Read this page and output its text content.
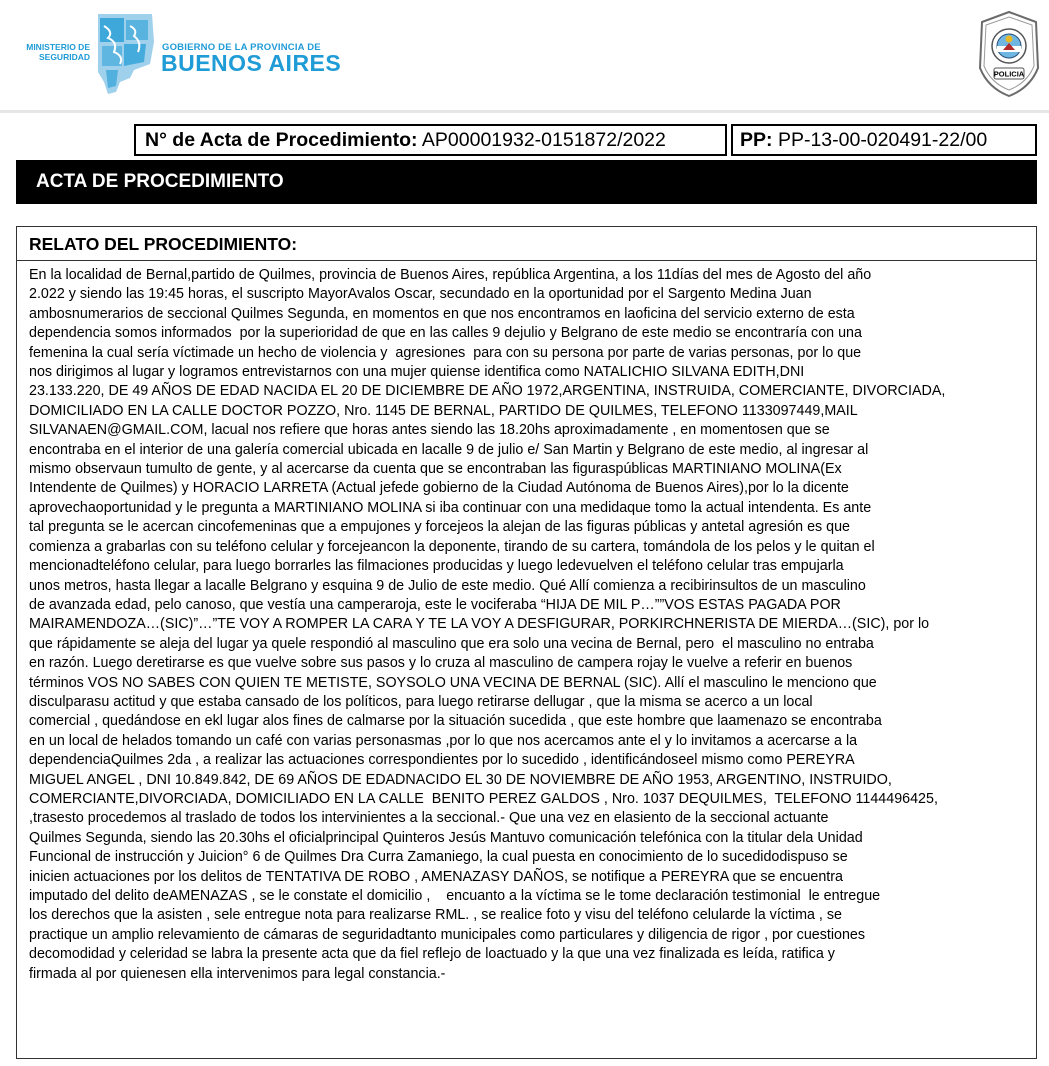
MINISTERIO DE
SEGURIDAD
GOBIERNO DE LA PROVINCIA DE
BUENOS AIRES	POLICIA
N° de Acta de Procedimiento: AP00001932-0151872/2022	PP: PP-13-00-020491-22/00
ACTA DE PROCEDIMIENTO
RELATO DEL PROCEDIMIENTO:
En la localidad de Bernal,partido de Quilmes, provincia de Buenos Aires, república Argentina, a los 11días del mes de Agosto del año
2.022 y siendo las 19:45 horas, el suscripto MayorAvalos Oscar, secundado en la oportunidad por el Sargento Medina Juan
ambosnumerarios de seccional Quilmes Segunda, en momentos en que nos encontramos en laoficina del servicio externo de esta
dependencia somos informados  por la superioridad de que en las calles 9 dejulio y Belgrano de este medio se encontraría con una
femenina la cual sería víctimade un hecho de violencia y  agresiones  para con su persona por parte de varias personas, por lo que
nos dirigimos al lugar y logramos entrevistarnos con una mujer quiense identifica como NATALICHIO SILVANA EDITH,DNI
23.133.220, DE 49 AÑOS DE EDAD NACIDA EL 20 DE DICIEMBRE DE AÑO 1972,ARGENTINA, INSTRUIDA, COMERCIANTE, DIVORCIADA,
DOMICILIADO EN LA CALLE DOCTOR POZZO, Nro. 1145 DE BERNAL, PARTIDO DE QUILMES, TELEFONO 1133097449,MAIL
SILVANAEN@GMAIL.COM, lacual nos refiere que horas antes siendo las 18.20hs aproximadamente , en momentosen que se
encontraba en el interior de una galería comercial ubicada en lacalle 9 de julio e/ San Martin y Belgrano de este medio, al ingresar al
mismo observaun tumulto de gente, y al acercarse da cuenta que se encontraban las figuraspúblicas MARTINIANO MOLINA(Ex
Intendente de Quilmes) y HORACIO LARRETA (Actual jefede gobierno de la Ciudad Autónoma de Buenos Aires),por lo la dicente
aprovechaoportunidad y le pregunta a MARTINIANO MOLINA si iba continuar con una medidaque tomo la actual intendenta. Es ante
tal pregunta se le acercan cincofemeninas que a empujones y forcejeos la alejan de las figuras públicas y antetal agresión es que
comienza a grabarlas con su teléfono celular y forcejeancon la deponente, tirando de su cartera, tomándola de los pelos y le quitan el
mencionadteléfono celular, para luego borrarles las filmaciones producidas y luego ledevuelven el teléfono celular tras empujarla
unos metros, hasta llegar a lacalle Belgrano y esquina 9 de Julio de este medio. Qué Allí comienza a recibirinsultos de un masculino
de avanzada edad, pelo canoso, que vestía una camperaroja, este le vociferaba “HIJA DE MIL P…””VOS ESTAS PAGADA POR
MAIRAMENDOZA…(SIC)”…”TE VOY A ROMPER LA CARA Y TE LA VOY A DESFIGURAR, PORKIRCHNERISTA DE MIERDA…(SIC), por lo
que rápidamente se aleja del lugar ya quele respondió al masculino que era solo una vecina de Bernal, pero  el masculino no entraba
en razón. Luego deretirarse es que vuelve sobre sus pasos y lo cruza al masculino de campera rojay le vuelve a referir en buenos
términos VOS NO SABES CON QUIEN TE METISTE, SOYSOLO UNA VECINA DE BERNAL (SIC). Allí el masculino le menciono que
disculparasu actitud y que estaba cansado de los políticos, para luego retirarse dellugar , que la misma se acerco a un local
comercial , quedándose en ekl lugar alos fines de calmarse por la situación sucedida , que este hombre que laamenazo se encontraba
en un local de helados tomando un café con varias personasmas ,por lo que nos acercamos ante el y lo invitamos a acercarse a la
dependenciaQuilmes 2da , a realizar las actuaciones correspondientes por lo sucedido , identificándoseel mismo como PEREYRA
MIGUEL ANGEL , DNI 10.849.842, DE 69 AÑOS DE EDADNACIDO EL 30 DE NOVIEMBRE DE AÑO 1953, ARGENTINO, INSTRUIDO,
COMERCIANTE,DIVORCIADA, DOMICILIADO EN LA CALLE  BENITO PEREZ GALDOS , Nro. 1037 DEQUILMES,  TELEFONO 1144496425,
,trasesto procedemos al traslado de todos los intervinientes a la seccional.- Que una vez en elasiento de la seccional actuante
Quilmes Segunda, siendo las 20.30hs el oficialprincipal Quinteros Jesús Mantuvo comunicación telefónica con la titular dela Unidad
Funcional de instrucción y Juicion° 6 de Quilmes Dra Curra Zamaniego, la cual puesta en conocimiento de lo sucedidodispuso se
inicien actuaciones por los delitos de TENTATIVA DE ROBO , AMENAZASY DAÑOS, se notifique a PEREYRA que se encuentra
imputado del delito deAMENAZAS , se le constate el domicilio ,    encuanto a la víctima se le tome declaración testimonial  le entregue
los derechos que la asisten , sele entregue nota para realizarse RML. , se realice foto y visu del teléfono celularde la víctima , se
practique un amplio relevamiento de cámaras de seguridadtanto municipales como particulares y diligencia de rigor , por cuestiones
decomodidad y celeridad se labra la presente acta que da fiel reflejo de loactuado y la que una vez finalizada es leída, ratifica y
firmada al por quienesen ella intervenimos para legal constancia.-
